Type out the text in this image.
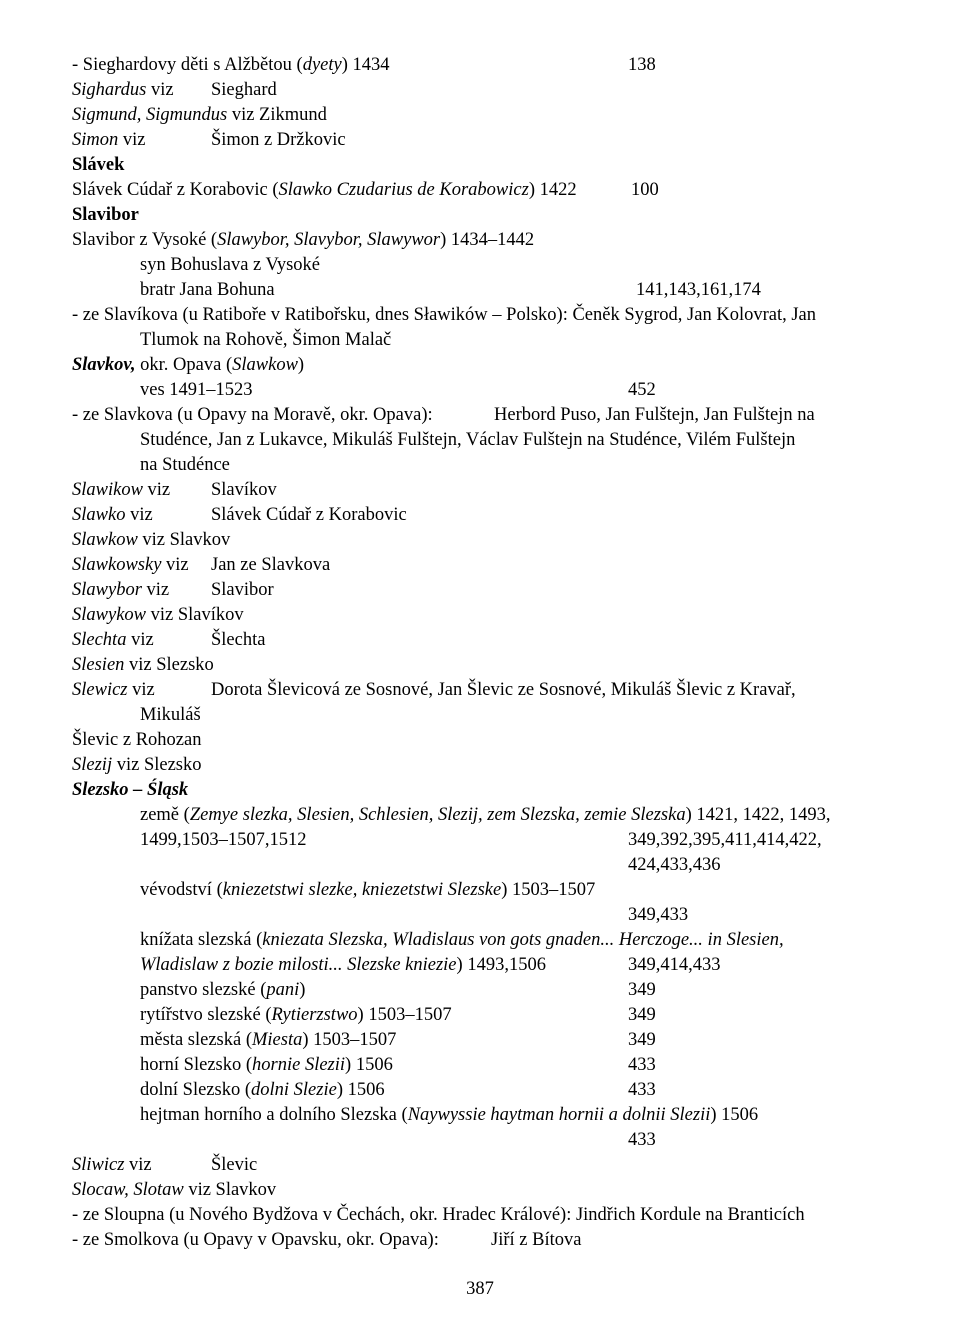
- Sieghardovy děti s Alžbětou (dyety) 1434	138
Sighardus viz Sieghard
Sigmund, Sigmundus viz Zikmund
Simon viz	Šimon z Držkovic
Slávek
Slávek Cúdař z Korabovic (Slawko Czudarius de Korabowicz) 1422	100
Slavibor
Slavibor z Vysoké (Slawybor, Slavybor, Slawywor) 1434–1442
syn Bohuslava z Vysoké
bratr Jana Bohuna	141,143,161,174
- ze Slavíkova (u Ratiboře v Ratibořsku, dnes Sławików – Polsko): Čeněk Sygrod, Jan Kolovrat, Jan
Tlumok na Rohově, Šimon Malač
Slavkov, okr. Opava (Slawkow)
ves 1491–1523	452
- ze Slavkova (u Opavy na Moravě, okr. Opava):	Herbord Puso, Jan Fulštejn, Jan Fulštejn na
Studénce, Jan z Lukavce, Mikuláš Fulštejn, Václav Fulštejn na Studénce, Vilém Fulštejn
na Studénce
Slawikow viz Slavíkov
Slawko viz	Slávek Cúdař z Korabovic
Slawkow viz Slavkov
Slawkowsky viz Jan ze Slavkova
Slawybor viz Slavibor
Slawykow viz Slavíkov
Slechta viz	Šlechta
Slesien viz Slezsko
Slewicz viz	Dorota Šlevicová ze Sosnové, Jan Šlevic ze Sosnové, Mikuláš Šlevic z Kravař,
Mikuláš
Šlevic z Rohozan
Slezij viz Slezsko
Slezsko – Śląsk
země (Zemye slezka, Slesien, Schlesien, Slezij, zem Slezska, zemie Slezska) 1421, 1422, 1493,
1499,1503–1507,1512	349,392,395,411,414,422,
424,433,436
vévodství (kniezetstwi slezke, kniezetstwi Slezske) 1503–1507
349,433
knížata slezská (kniezata Slezska, Wladislaus von gots gnaden... Herczoge... in Slesien,
Wladislaw z bozie milosti... Slezske kniezie) 1493,1506	349,414,433
panstvo slezské (pani)	349
rytířstvo slezské (Rytierzstwo) 1503–1507	349
města slezská (Miesta) 1503–1507	349
horní Slezsko (hornie Slezii) 1506	433
dolní Slezsko (dolni Slezie) 1506	433
hejtman horního a dolního Slezska (Naywyssie haytman hornii a dolnii Slezii) 1506
433
Sliwicz viz	Šlevic
Slocaw, Slotaw viz Slavkov
- ze Sloupna (u Nového Bydžova v Čechách, okr. Hradec Králové): Jindřich Kordule na Branticích
- ze Smolkova (u Opavy v Opavsku, okr. Opava):	Jiří z Bítova
387
